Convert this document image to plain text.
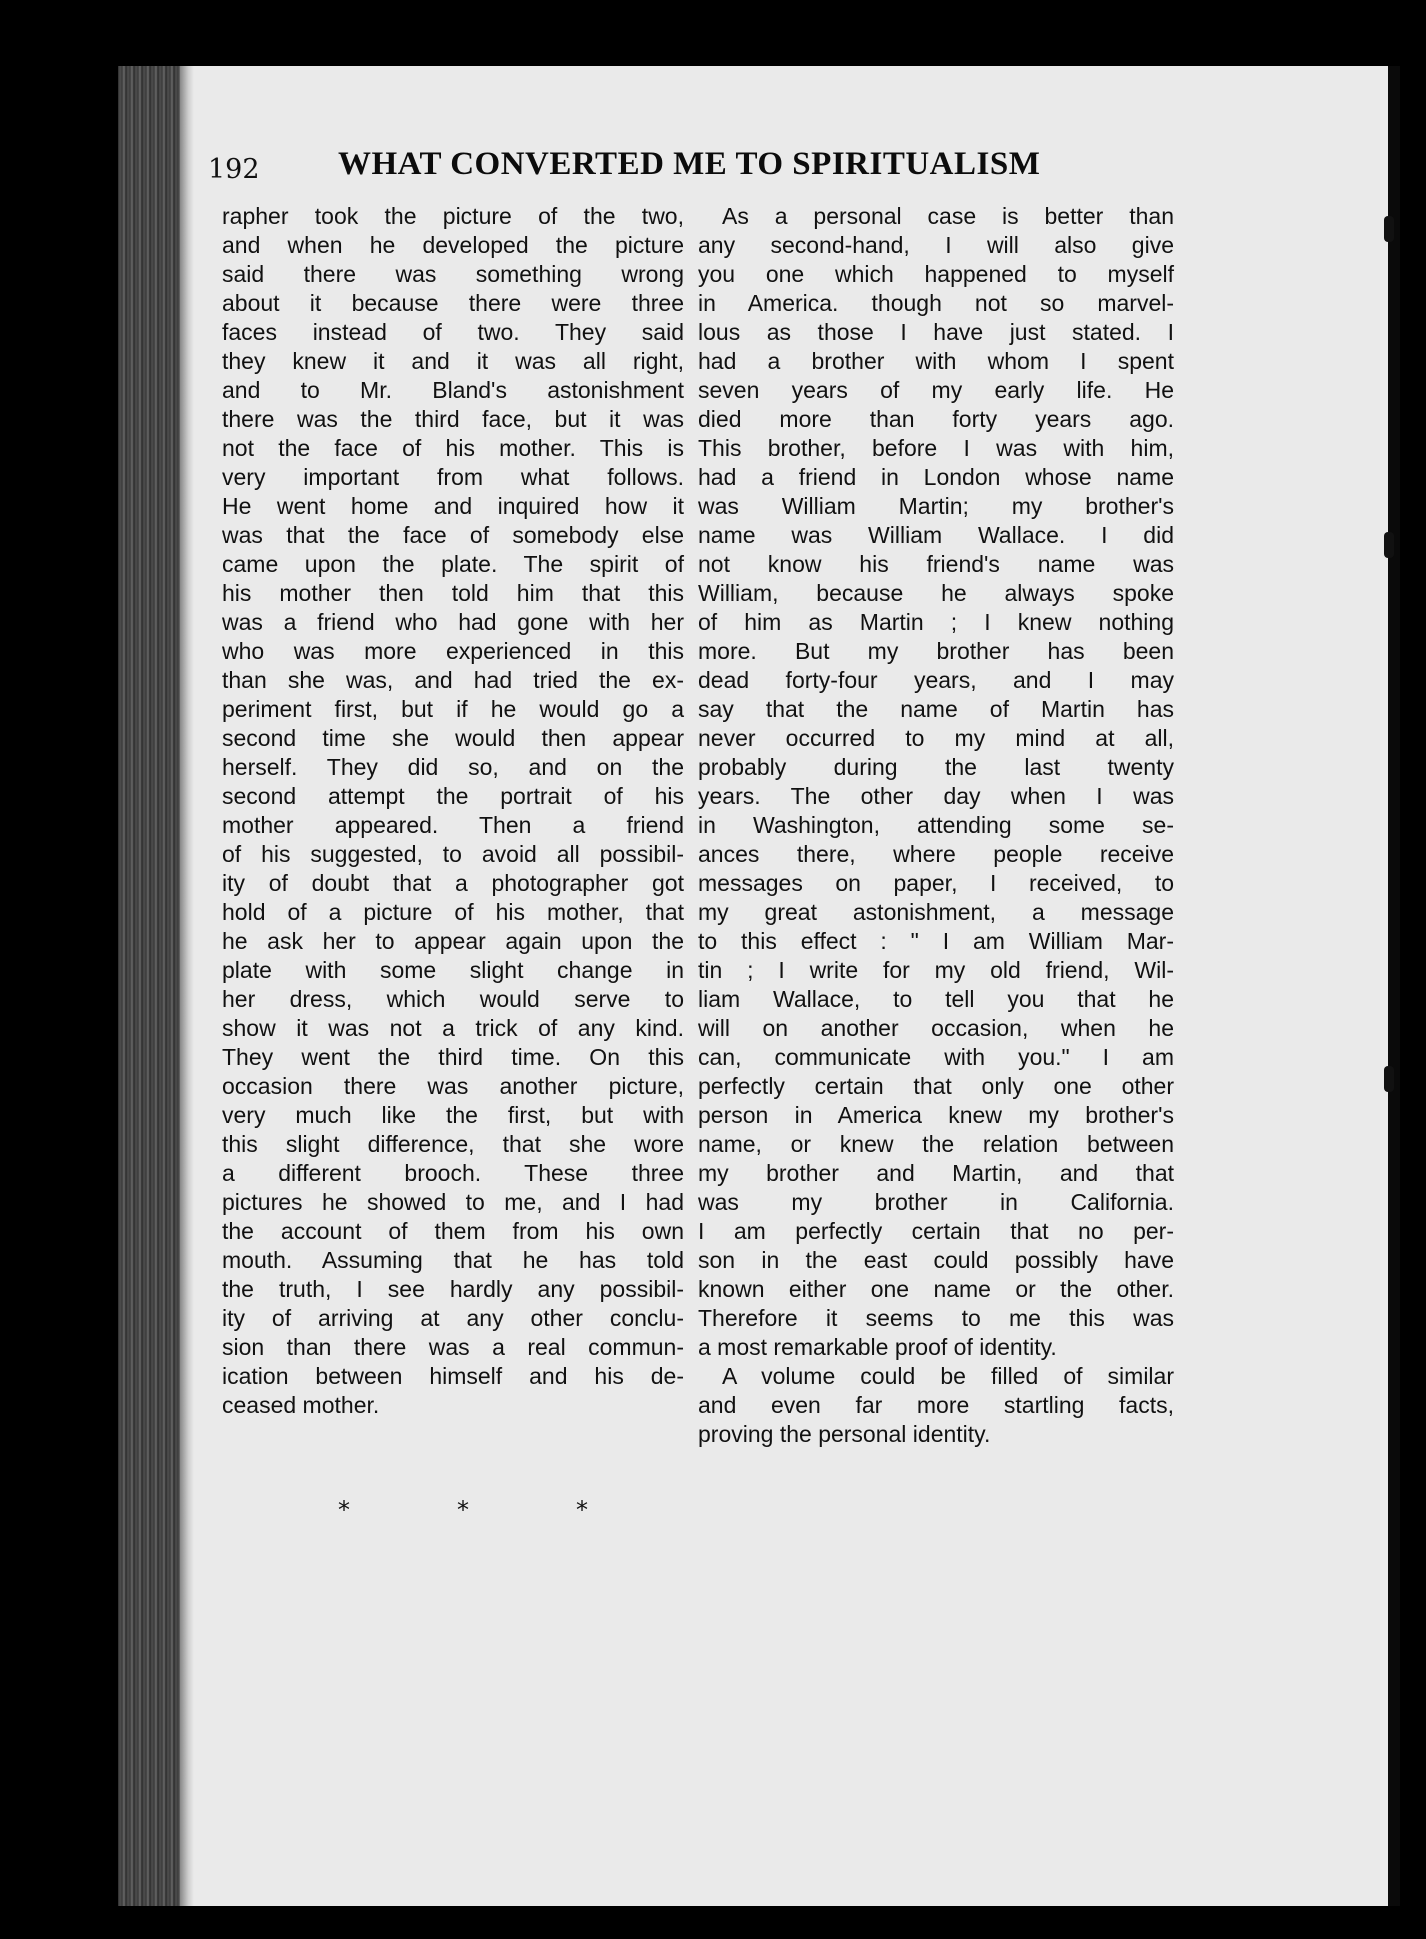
192 WHAT CONVERTED ME TO SPIRITUALISM
rapher took the picture of the two,
and when he developed the picture
said there was something wrong
about it because there were three
faces instead of two. They said
they knew it and it was all right,
and to Mr. Bland's astonishment
there was the third face, but it was
not the face of his mother. This is
very important from what follows.
He went home and inquired how it
was that the face of somebody else
came upon the plate. The spirit of
his mother then told him that this
was a friend who had gone with her
who was more experienced in this
than she was, and had tried the ex-
periment first, but if he would go a
second time she would then appear
herself. They did so, and on the
second attempt the portrait of his
mother appeared. Then a friend
of his suggested, to avoid all possibil-
ity of doubt that a photographer got
hold of a picture of his mother, that
he ask her to appear again upon the
plate with some slight change in
her dress, which would serve to
show it was not a trick of any kind.
They went the third time. On this
occasion there was another picture,
very much like the first, but with
this slight difference, that she wore
a different brooch. These three
pictures he showed to me, and I had
the account of them from his own
mouth. Assuming that he has told
the truth, I see hardly any possibil-
ity of arriving at any other conclu-
sion than there was a real commun-
ication between himself and his de-
ceased mother.
As a personal case is better than
any second-hand, I will also give
you one which happened to myself
in America. though not so marvel-
lous as those I have just stated. I
had a brother with whom I spent
seven years of my early life. He
died more than forty years ago.
This brother, before I was with him,
had a friend in London whose name
was William Martin; my brother's
name was William Wallace. I did
not know his friend's name was
William, because he always spoke
of him as Martin ; I knew nothing
more. But my brother has been
dead forty-four years, and I may
say that the name of Martin has
never occurred to my mind at all,
probably during the last twenty
years. The other day when I was
in Washington, attending some se-
ances there, where people receive
messages on paper, I received, to
my great astonishment, a message
to this effect : " I am William Mar-
tin ; I write for my old friend, Wil-
liam Wallace, to tell you that he
will on another occasion, when he
can, communicate with you." I am
perfectly certain that only one other
person in America knew my brother's
name, or knew the relation between
my brother and Martin, and that
was my brother in California.
I am perfectly certain that no per-
son in the east could possibly have
known either one name or the other.
Therefore it seems to me this was
a most remarkable proof of identity.
A volume could be filled of similar
and even far more startling facts,
proving the personal identity.
*	*	*
